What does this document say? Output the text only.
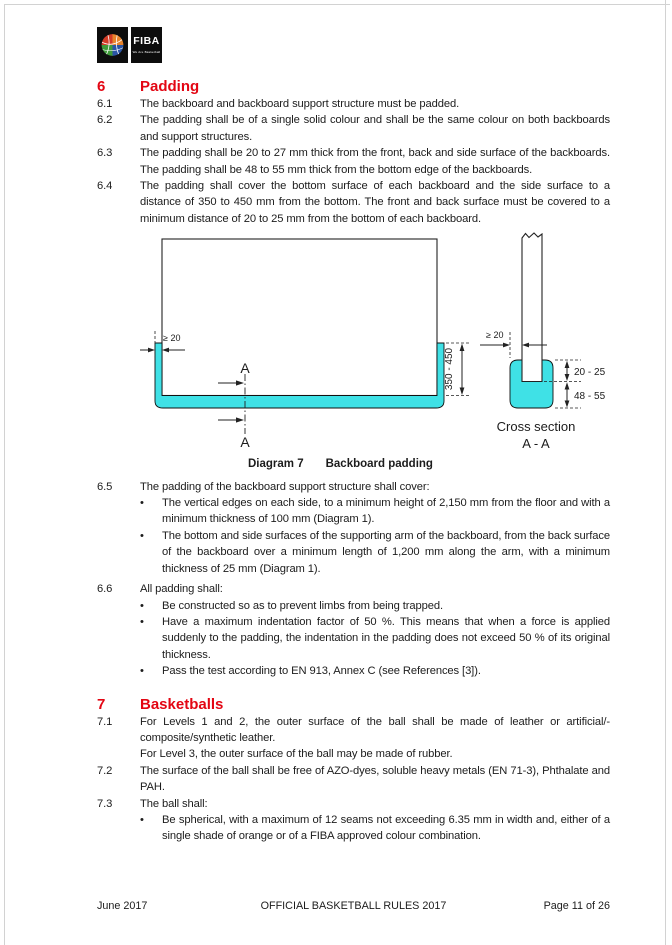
FIBA
We Are Basketball
6	Padding
6.1	The backboard and backboard support structure must be padded.
6.2	The padding shall be of a single solid colour and shall be the same colour on both backboards and support structures.
6.3	The padding shall be 20 to 27 mm thick from the front, back and side surface of the backboards. The padding shall be 48 to 55 mm thick from the bottom edge of the backboards.
6.4	The padding shall cover the bottom surface of each backboard and the side surface to a distance of 350 to 450 mm from the bottom. The front and back surface must be covered to a minimum distance of 20 to 25 mm from the bottom of each backboard.
≥ 20
A
A
350 - 450
≥ 20
20 - 25
48 - 55
Cross section
A - A
Diagram 7 Backboard padding
6.5	The padding of the backboard support structure shall cover:
•	The vertical edges on each side, to a minimum height of 2,150 mm from the floor and with a minimum thickness of 100 mm (Diagram 1).
•	The bottom and side surfaces of the supporting arm of the backboard, from the back surface of the backboard over a minimum length of 1,200 mm along the arm, with a minimum thickness of 25 mm (Diagram 1).
6.6	All padding shall:
•	Be constructed so as to prevent limbs from being trapped.
•	Have a maximum indentation factor of 50 %. This means that when a force is applied suddenly to the padding, the indentation in the padding does not exceed 50 % of its original thickness.
•	Pass the test according to EN 913, Annex C (see References [3]).
7	Basketballs
7.1	For Levels 1 and 2, the outer surface of the ball shall be made of leather or artificial/-composite/synthetic leather.
For Level 3, the outer surface of the ball may be made of rubber.
7.2	The surface of the ball shall be free of AZO-dyes, soluble heavy metals (EN 71-3), Phthalate and PAH.
7.3	The ball shall:
•	Be spherical, with a maximum of 12 seams not exceeding 6.35 mm in width and, either of a single shade of orange or of a FIBA approved colour combination.
OFFICIAL BASKETBALL RULES 2017
June 2017	Page 11 of 26
